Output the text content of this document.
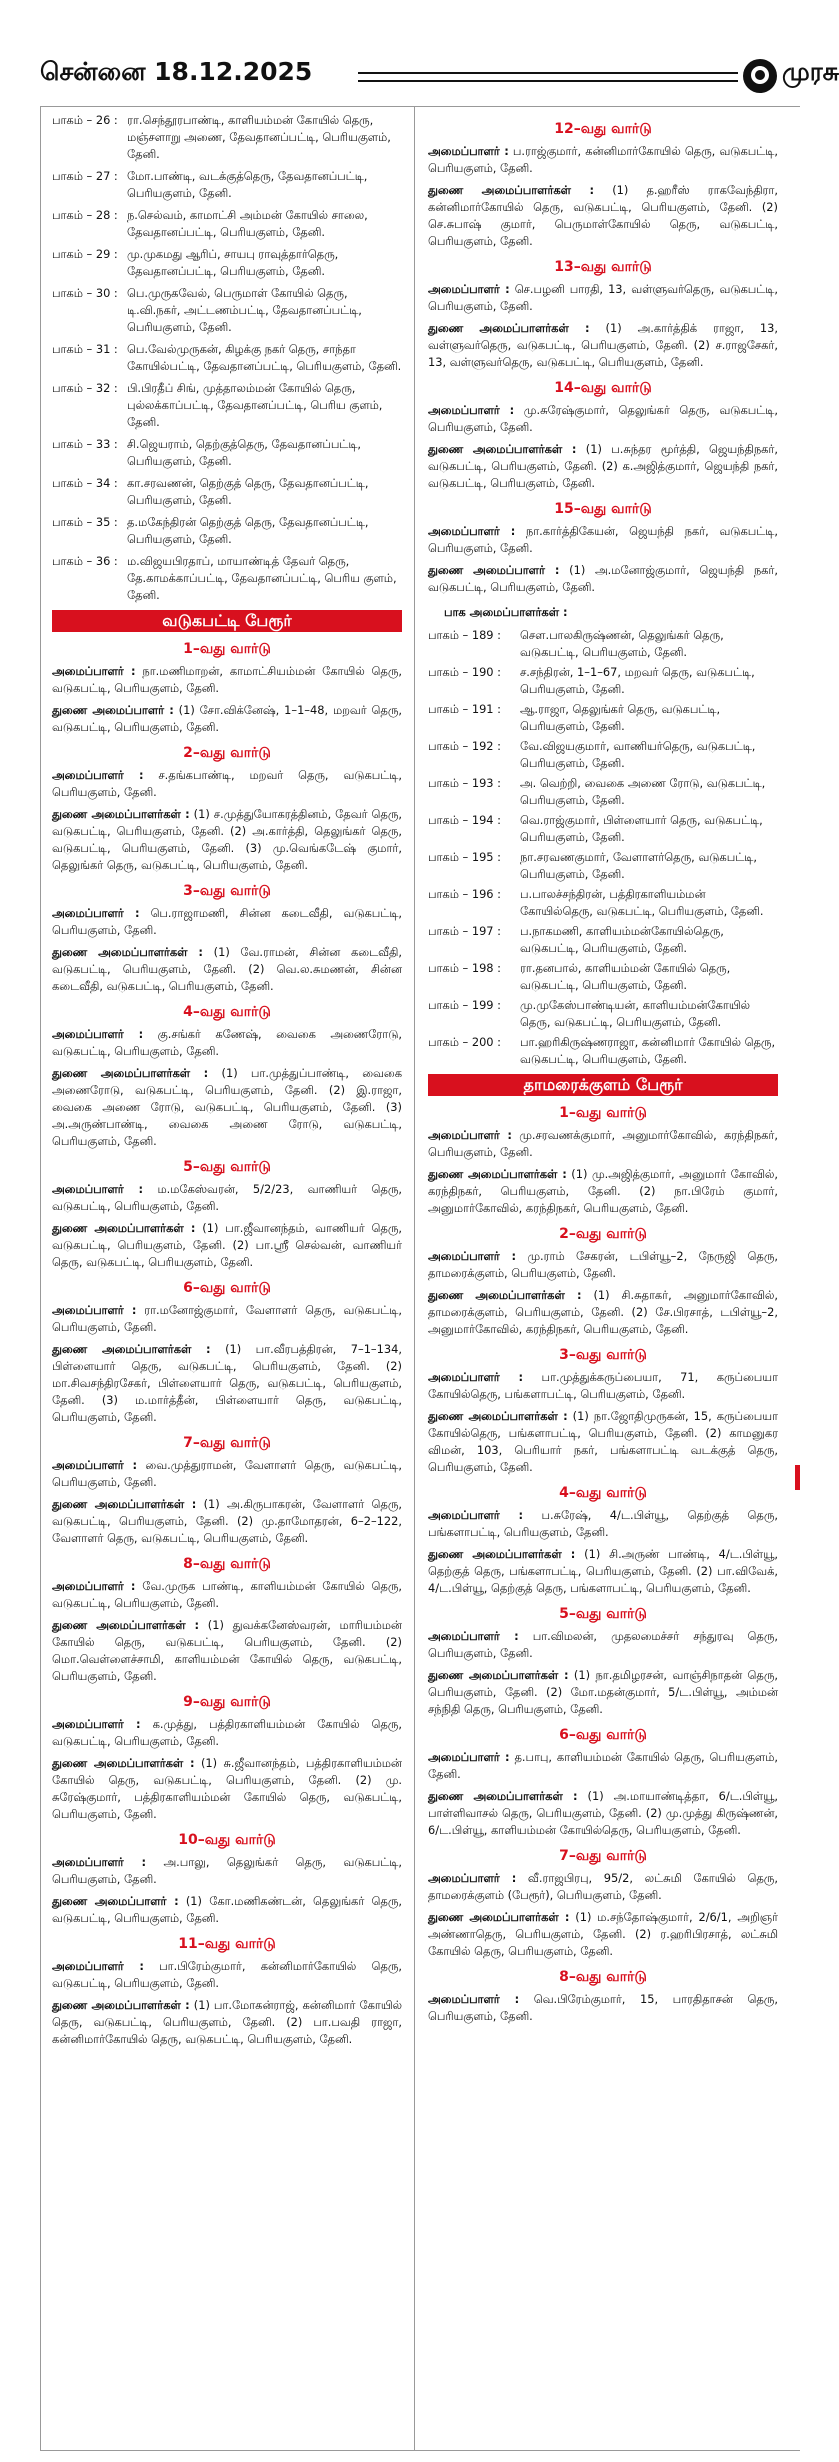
சென்னை 18.12.2025	முரசு
பாகம் – 26 : ரா.செந்தூரபாண்டி, காளியம்மன் கோயில் தெரு, மஞ்சளாறு அணை, தேவதானப்பட்டி, பெரியகுளம், தேனி.
பாகம் – 27 : மோ.பாண்டி, வடக்குத்தெரு, தேவதானப்பட்டி, பெரியகுளம், தேனி.
பாகம் – 28 : ந.செல்வம், காமாட்சி அம்மன் கோயில் சாலை, தேவதானப்பட்டி, பெரியகுளம், தேனி.
பாகம் – 29 : மு.முகமது ஆரிப், சாயபு ராவுத்தார்தெரு, தேவதானப்பட்டி, பெரியகுளம், தேனி.
பாகம் – 30 : பெ.முருகவேல், பெருமாள் கோயில் தெரு, டி.வி.நகர், அட்டணம்பட்டி, தேவதானப்பட்டி, பெரியகுளம், தேனி.
பாகம் – 31 : பெ.வேல்முருகன், கிழக்கு நகர் தெரு, சாந்தா கோயில்பட்டி, தேவதானப்பட்டி, பெரியகுளம், தேனி.
பாகம் – 32 : பி.பிரதீப் சிங், முத்தாலம்மன் கோயில் தெரு, புல்லக்காப்பட்டி, தேவதானப்பட்டி, பெரிய குளம், தேனி.
பாகம் – 33 : சி.ஜெயராம், தெற்குத்தெரு, தேவதானப்பட்டி, பெரியகுளம், தேனி.
பாகம் – 34 : கா.சரவணன், தெற்குத் தெரு, தேவதானப்பட்டி, பெரியகுளம், தேனி.
பாகம் – 35 : த.மகேந்திரன் தெற்குத் தெரு, தேவதானப்பட்டி, பெரியகுளம், தேனி.
பாகம் – 36 : ம.விஜயபிரதாப், மாயாண்டித் தேவர் தெரு, தே.காமக்காப்பட்டி, தேவதானப்பட்டி, பெரிய குளம், தேனி.
வடுகபட்டி பேரூர்
1–வது வார்டு
அமைப்பாளர் : நா.மணிமாறன், காமாட்சியம்மன் கோயில் தெரு, வடுகபட்டி, பெரியகுளம், தேனி.
துணை அமைப்பாளர் : (1) சோ.விக்னேஷ், 1–1–48, மறவர் தெரு, வடுகபட்டி, பெரியகுளம், தேனி.
2–வது வார்டு
அமைப்பாளர் : ச.தங்கபாண்டி, மறவர் தெரு, வடுகபட்டி, பெரியகுளம், தேனி.
துணை அமைப்பாளர்கள் : (1) ச.முத்துயோகரத்தினம், தேவர் தெரு, வடுகபட்டி, பெரியகுளம், தேனி. (2) அ.கார்த்தி, தெலுங்கர் தெரு, வடுகபட்டி, பெரியகுளம், தேனி. (3) மு.வெங்கடேஷ் குமார், தெலுங்கர் தெரு, வடுகபட்டி, பெரியகுளம், தேனி.
3–வது வார்டு
அமைப்பாளர் : பெ.ராஜாமணி, சின்ன கடைவீதி, வடுகபட்டி, பெரியகுளம், தேனி.
துணை அமைப்பாளர்கள் : (1) வே.ராமன், சின்ன கடைவீதி, வடுகபட்டி, பெரியகுளம், தேனி. (2) வெ.ல.சுமணன், சின்ன கடைவீதி, வடுகபட்டி, பெரியகுளம், தேனி.
4–வது வார்டு
அமைப்பாளர் : கு.சங்கர் கணேஷ், வைகை அணைரோடு, வடுகபட்டி, பெரியகுளம், தேனி.
துணை அமைப்பாளர்கள் : (1) பா.முத்துப்பாண்டி, வைகை அணைரோடு, வடுகபட்டி, பெரியகுளம், தேனி. (2) இ.ராஜா, வைகை அணை ரோடு, வடுகபட்டி, பெரியகுளம், தேனி. (3) அ.அருண்பாண்டி, வைகை அணை ரோடு, வடுகபட்டி, பெரியகுளம், தேனி.
5–வது வார்டு
அமைப்பாளர் : ம.மகேஸ்வரன், 5/2/23, வாணியர் தெரு, வடுகபட்டி, பெரியகுளம், தேனி.
துணை அமைப்பாளர்கள் : (1) பா.ஜீவானந்தம், வாணியர் தெரு, வடுகபட்டி, பெரியகுளம், தேனி. (2) பா.ஸ்ரீ செல்வன், வாணியர் தெரு, வடுகபட்டி, பெரியகுளம், தேனி.
6–வது வார்டு
அமைப்பாளர் : ரா.மனோஜ்குமார், வேளாளர் தெரு, வடுகபட்டி, பெரியகுளம், தேனி.
துணை அமைப்பாளர்கள் : (1) பா.வீரபத்திரன், 7–1–134, பிள்ளையார் தெரு, வடுகபட்டி, பெரியகுளம், தேனி. (2) மா.சிவசந்திரசேகர், பிள்ளையார் தெரு, வடுகபட்டி, பெரியகுளம், தேனி. (3) ம.மார்த்தீன், பிள்ளையார் தெரு, வடுகபட்டி, பெரியகுளம், தேனி.
7–வது வார்டு
அமைப்பாளர் : வை.முத்துராமன், வேளாளர் தெரு, வடுகபட்டி, பெரியகுளம், தேனி.
துணை அமைப்பாளர்கள் : (1) அ.கிருபாகரன், வேளாளர் தெரு, வடுகபட்டி, பெரியகுளம், தேனி. (2) மு.தாமோதரன், 6–2–122, வேளாளர் தெரு, வடுகபட்டி, பெரியகுளம், தேனி.
8–வது வார்டு
அமைப்பாளர் : வே.முருக பாண்டி, காளியம்மன் கோயில் தெரு, வடுகபட்டி, பெரியகுளம், தேனி.
துணை அமைப்பாளர்கள் : (1) துவக்கனேஸ்வரன், மாரியம்மன் கோயில் தெரு, வடுகபட்டி, பெரியகுளம், தேனி. (2) மொ.வெள்ளைச்சாமி, காளியம்மன் கோயில் தெரு, வடுகபட்டி, பெரியகுளம், தேனி.
9–வது வார்டு
அமைப்பாளர் : க.முத்து, பத்திரகாளியம்மன் கோயில் தெரு, வடுகபட்டி, பெரியகுளம், தேனி.
துணை அமைப்பாளர்கள் : (1) சு.ஜீவானந்தம், பத்திரகாளியம்மன் கோயில் தெரு, வடுகபட்டி, பெரியகுளம், தேனி. (2) மு. சுரேஷ்குமார், பத்திரகாளியம்மன் கோயில் தெரு, வடுகபட்டி, பெரியகுளம், தேனி.
10–வது வார்டு
அமைப்பாளர் : அ.பாலு, தெலுங்கர் தெரு, வடுகபட்டி, பெரியகுளம், தேனி.
துணை அமைப்பாளர் : (1) கோ.மணிகண்டன், தெலுங்கர் தெரு, வடுகபட்டி, பெரியகுளம், தேனி.
11–வது வார்டு
அமைப்பாளர் : பா.பிரேம்குமார், கன்னிமார்கோயில் தெரு, வடுகபட்டி, பெரியகுளம், தேனி.
துணை அமைப்பாளர்கள் : (1) பா.மோகன்ராஜ், கன்னிமார் கோயில் தெரு, வடுகபட்டி, பெரியகுளம், தேனி. (2) பா.பவதி ராஜா, கன்னிமார்கோயில் தெரு, வடுகபட்டி, பெரியகுளம், தேனி.
12–வது வார்டு
அமைப்பாளர் : ப.ராஜ்குமார், கன்னிமார்கோயில் தெரு, வடுகபட்டி, பெரியகுளம், தேனி.
துணை அமைப்பாளர்கள் : (1) த.ஹரீஸ் ராகவேந்திரா, கன்னிமார்கோயில் தெரு, வடுகபட்டி, பெரியகுளம், தேனி. (2) செ.சுபாஷ் குமார், பெருமாள்கோயில் தெரு, வடுகபட்டி, பெரியகுளம், தேனி.
13–வது வார்டு
அமைப்பாளர் : செ.பழனி பாரதி, 13, வள்ளுவர்தெரு, வடுகபட்டி, பெரியகுளம், தேனி.
துணை அமைப்பாளர்கள் : (1) அ.கார்த்திக் ராஜா, 13, வள்ளுவர்தெரு, வடுகபட்டி, பெரியகுளம், தேனி. (2) ச.ராஜசேகர், 13, வள்ளுவர்தெரு, வடுகபட்டி, பெரியகுளம், தேனி.
14–வது வார்டு
அமைப்பாளர் : மு.சுரேஷ்குமார், தெலுங்கர் தெரு, வடுகபட்டி, பெரியகுளம், தேனி.
துணை அமைப்பாளர்கள் : (1) ப.சுந்தர மூர்த்தி, ஜெயந்திநகர், வடுகபட்டி, பெரியகுளம், தேனி. (2) க.அஜித்குமார், ஜெயந்தி நகர், வடுகபட்டி, பெரியகுளம், தேனி.
15–வது வார்டு
அமைப்பாளர் : நா.கார்த்திகேயன், ஜெயந்தி நகர், வடுகபட்டி, பெரியகுளம், தேனி.
துணை அமைப்பாளர் : (1) அ.மனோஜ்குமார், ஜெயந்தி நகர், வடுகபட்டி, பெரியகுளம், தேனி.
பாக அமைப்பாளர்கள் :
பாகம் – 189 :	சௌ.பாலகிருஷ்ணன், தெலுங்கர் தெரு, வடுகபட்டி, பெரியகுளம், தேனி.
பாகம் – 190 :	ச.சந்திரன், 1–1–67, மறவர் தெரு, வடுகபட்டி, பெரியகுளம், தேனி.
பாகம் – 191 :	ஆ.ராஜா, தெலுங்கர் தெரு, வடுகபட்டி, பெரியகுளம், தேனி.
பாகம் – 192 :	வே.விஜயகுமார், வாணியர்தெரு, வடுகபட்டி, பெரியகுளம், தேனி.
பாகம் – 193 :	அ. வெற்றி, வைகை அணை ரோடு, வடுகபட்டி, பெரியகுளம், தேனி.
பாகம் – 194 :	வெ.ராஜ்குமார், பிள்ளையார் தெரு, வடுகபட்டி, பெரியகுளம், தேனி.
பாகம் – 195 :	நா.சரவணகுமார், வேளாளர்தெரு, வடுகபட்டி, பெரியகுளம், தேனி.
பாகம் – 196 :	ப.பாலச்சந்திரன், பத்திரகாளியம்மன் கோயில்தெரு, வடுகபட்டி, பெரியகுளம், தேனி.
பாகம் – 197 :	ப.நாகமணி, காளியம்மன்கோயில்தெரு, வடுகபட்டி, பெரியகுளம், தேனி.
பாகம் – 198 :	ரா.தனபால், காளியம்மன் கோயில் தெரு, வடுகபட்டி, பெரியகுளம், தேனி.
பாகம் – 199 :	மு.முகேஸ்பாண்டியன், காளியம்மன்கோயில் தெரு, வடுகபட்டி, பெரியகுளம், தேனி.
பாகம் – 200 :	பா.ஹரிகிருஷ்ணராஜா, கன்னிமார் கோயில் தெரு, வடுகபட்டி, பெரியகுளம், தேனி.
தாமரைக்குளம் பேரூர்
1–வது வார்டு
அமைப்பாளர் : மு.சரவணக்குமார், அனுமார்கோவில், கரந்திநகர், பெரியகுளம், தேனி.
துணை அமைப்பாளர்கள் : (1) மு.அஜித்குமார், அனுமார் கோவில், கரந்திநகர், பெரியகுளம், தேனி. (2) நா.பிரேம் குமார், அனுமார்கோவில், கரந்திநகர், பெரியகுளம், தேனி.
2–வது வார்டு
அமைப்பாளர் : மு.ராம் சேகரன், டபிள்யூ–2, நேருஜி தெரு, தாமரைக்குளம், பெரியகுளம், தேனி.
துணை அமைப்பாளர்கள் : (1) சி.சுதாகர், அனுமார்கோவில், தாமரைக்குளம், பெரியகுளம், தேனி. (2) சே.பிரசாத், டபிள்யூ–2, அனுமார்கோவில், கரந்திநகர், பெரியகுளம், தேனி.
3–வது வார்டு
அமைப்பாளர் : பா.முத்துக்கருப்பையா, 71, கருப்பையா கோயில்தெரு, பங்களாபட்டி, பெரியகுளம், தேனி.
துணை அமைப்பாளர்கள் : (1) நா.ஜோதிமுருகன், 15, கருப்பையா கோயில்தெரு, பங்களாபட்டி, பெரியகுளம், தேனி. (2) காமனுகர விமன், 103, பெரியார் நகர், பங்களாபட்டி வடக்குத் தெரு, பெரியகுளம், தேனி.
4–வது வார்டு
அமைப்பாளர் : ப.சுரேஷ், 4/ட.பிள்யூ, தெற்குத் தெரு, பங்களாபட்டி, பெரியகுளம், தேனி.
துணை அமைப்பாளர்கள் : (1) சி.அருண் பாண்டி, 4/ட.பிள்யூ, தெற்குத் தெரு, பங்களாபட்டி, பெரியகுளம், தேனி. (2) பா.விவேக், 4/ட.பிள்யூ, தெற்குத் தெரு, பங்களாபட்டி, பெரியகுளம், தேனி.
5–வது வார்டு
அமைப்பாளர் : பா.விமலன், முதலமைச்சர் சந்துரவு தெரு, பெரியகுளம், தேனி.
துணை அமைப்பாளர்கள் : (1) நா.தமிழரசன், வாஞ்சிநாதன் தெரு, பெரியகுளம், தேனி. (2) மோ.மதன்குமார், 5/ட.பிள்யூ, அம்மன் சந்நிதி தெரு, பெரியகுளம், தேனி.
6–வது வார்டு
அமைப்பாளர் : த.பாபு, காளியம்மன் கோயில் தெரு, பெரியகுளம், தேனி.
துணை அமைப்பாளர்கள் : (1) அ.மாயாண்டித்தா, 6/ட.பிள்யூ, பாள்ளிவாசல் தெரு, பெரியகுளம், தேனி. (2) மு.முத்து கிருஷ்ணன், 6/ட.பிள்யூ, காளியம்மன் கோயில்தெரு, பெரியகுளம், தேனி.
7–வது வார்டு
அமைப்பாளர் : வீ.ராஜபிரபு, 95/2, லட்சுமி கோயில் தெரு, தாமரைக்குளம் (பேரூர்), பெரியகுளம், தேனி.
துணை அமைப்பாளர்கள் : (1) ம.சந்தோஷ்குமார், 2/6/1, அறிஞர் அண்ணாதெரு, பெரியகுளம், தேனி. (2) ர.ஹரிபிரசாத், லட்சுமி கோயில் தெரு, பெரியகுளம், தேனி.
8–வது வார்டு
அமைப்பாளர் : வெ.பிரேம்குமார், 15, பாரதிதாசன் தெரு, பெரியகுளம், தேனி.
